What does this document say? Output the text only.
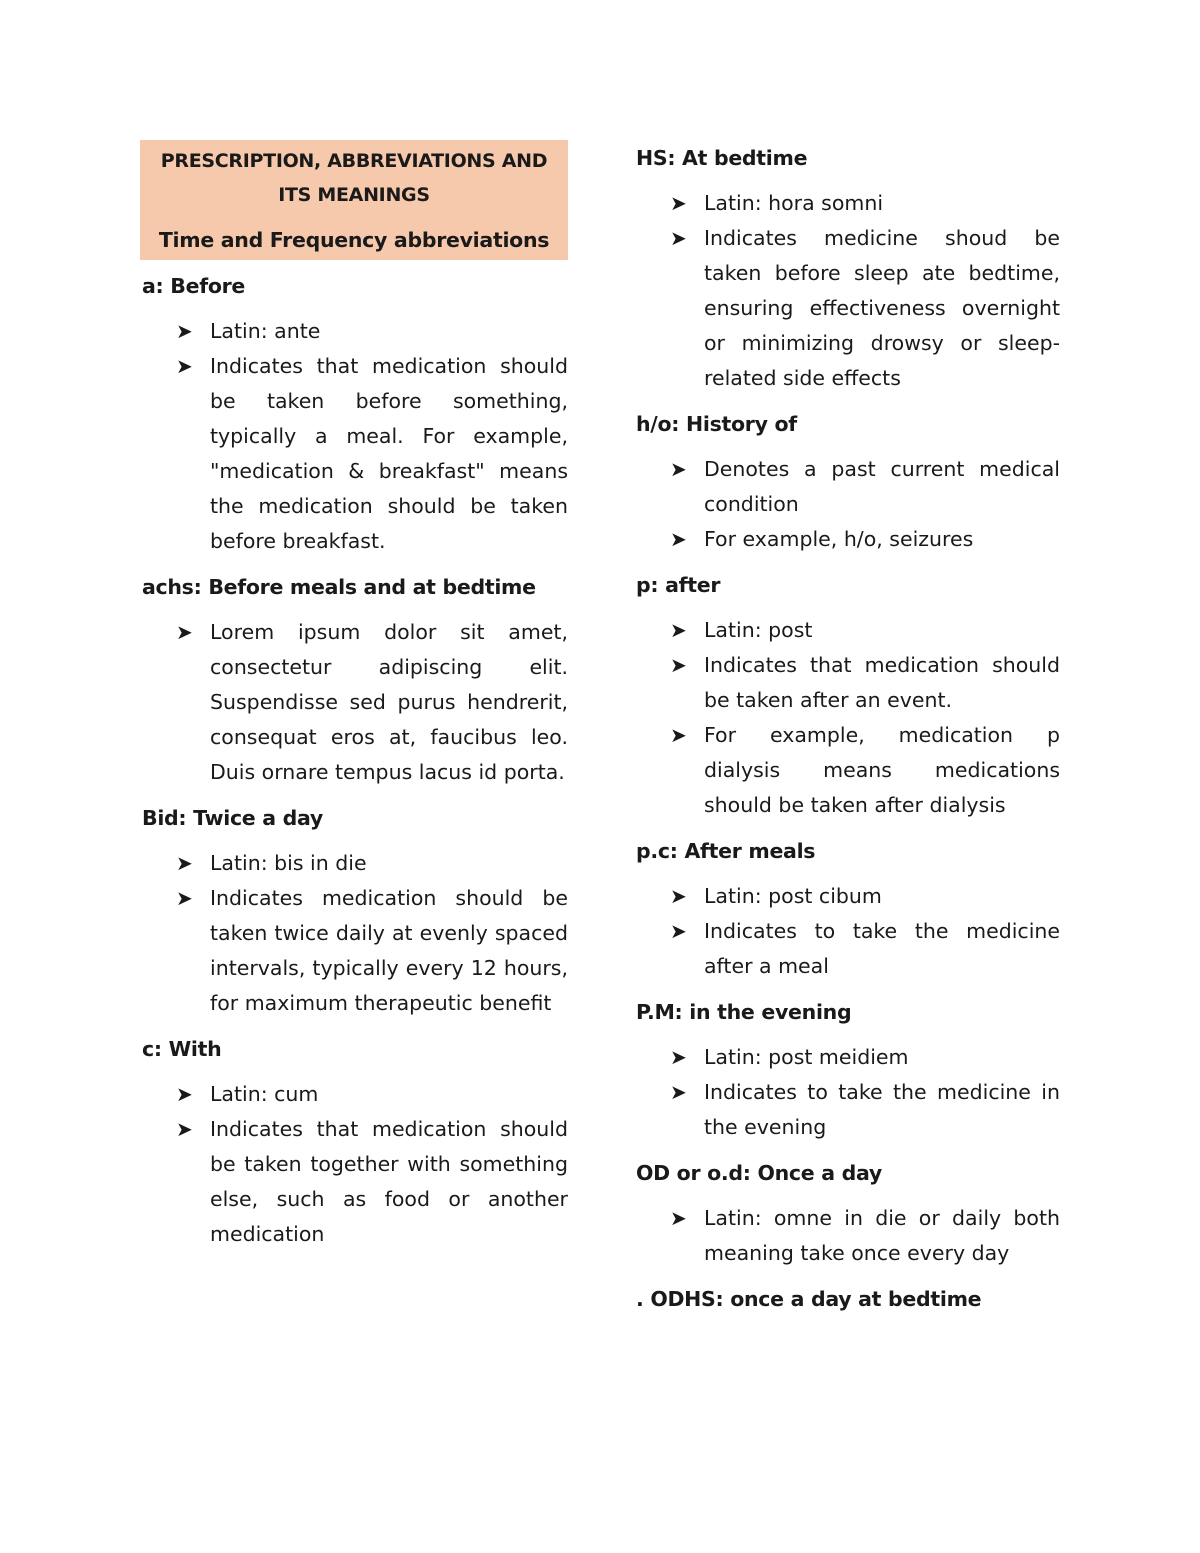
PRESCRIPTION, ABBREVIATIONS AND
ITS MEANINGS
Time and Frequency abbreviations
a: Before
➤ Latin: ante
➤ Indicates that medication should be taken before something, typically a meal. For example, "medication & breakfast" means the medication should be taken before breakfast.
achs: Before meals and at bedtime
➤ Lorem ipsum dolor sit amet, consectetur adipiscing elit. Suspendisse sed purus hendrerit, consequat eros at, faucibus leo. Duis ornare tempus lacus id porta.
Bid: Twice a day
➤ Latin: bis in die
➤ Indicates medication should be taken twice daily at evenly spaced intervals, typically every 12 hours, for maximum therapeutic benefit
c: With
➤ Latin: cum
➤ Indicates that medication should be taken together with something else, such as food or another medication
HS: At bedtime
➤ Latin: hora somni
➤ Indicates medicine shoud be taken before sleep ate bedtime, ensuring effectiveness overnight or minimizing drowsy or sleep-related side effects
h/o: History of
➤ Denotes a past current medical condition
➤ For example, h/o, seizures
p: after
➤ Latin: post
➤ Indicates that medication should be taken after an event.
➤ For example, medication p dialysis means medications should be taken after dialysis
p.c: After meals
➤ Latin: post cibum
➤ Indicates to take the medicine after a meal
P.M: in the evening
➤ Latin: post meidiem
➤ Indicates to take the medicine in the evening
OD or o.d: Once a day
➤ Latin: omne in die or daily both meaning take once every day
. ODHS: once a day at bedtime
